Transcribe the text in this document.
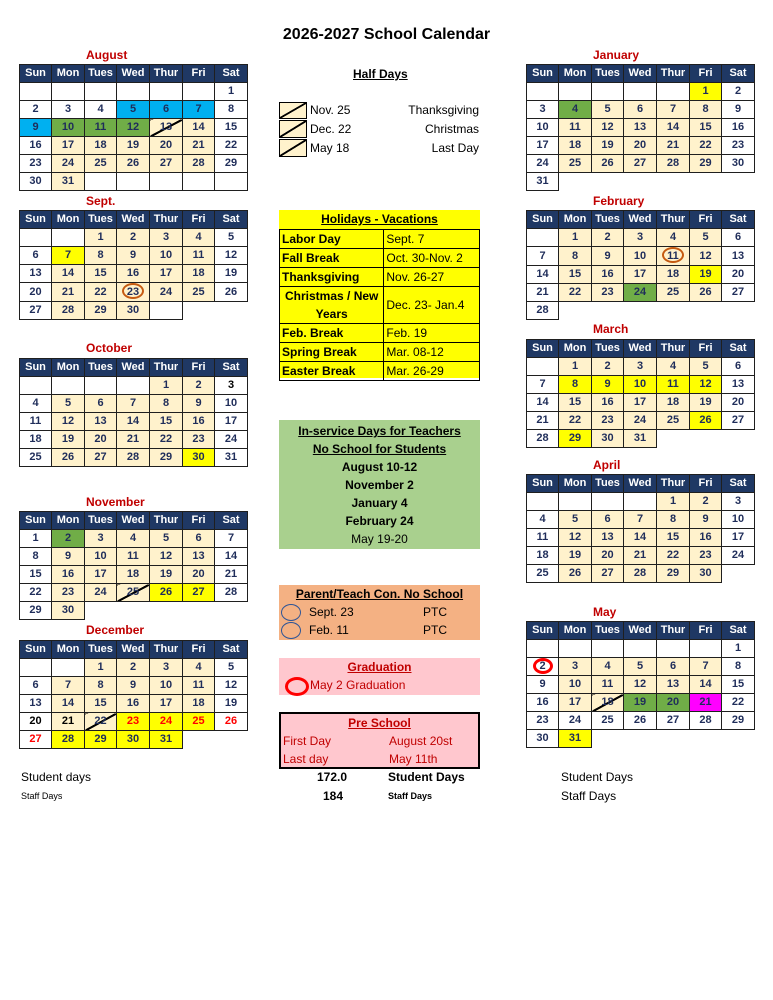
2026-2027 School Calendar
August
Sun	Mon	Tues	Wed	Thur	Fri	Sat
						1
2	3	4	5	6	7	8
9	10	11	12	13	14	15
16	17	18	19	20	21	22
23	24	25	26	27	28	29
30	31					
Sept.
Sun	Mon	Tues	Wed	Thur	Fri	Sat
		1	2	3	4	5
6	7	8	9	10	11	12
13	14	15	16	17	18	19
20	21	22	23	24	25	26
27	28	29	30			
October
Sun	Mon	Tues	Wed	Thur	Fri	Sat
				1	2	3
4	5	6	7	8	9	10
11	12	13	14	15	16	17
18	19	20	21	22	23	24
25	26	27	28	29	30	31
November
Sun	Mon	Tues	Wed	Thur	Fri	Sat
1	2	3	4	5	6	7
8	9	10	11	12	13	14
15	16	17	18	19	20	21
22	23	24	25	26	27	28
29	30					
December
Sun	Mon	Tues	Wed	Thur	Fri	Sat
		1	2	3	4	5
6	7	8	9	10	11	12
13	14	15	16	17	18	19
20	21	22	23	24	25	26
27	28	29	30	31		
Half Days
Nov. 25	Thanksgiving
Dec. 22	Christmas
May 18	Last Day
Holidays - Vacations
Labor Day	Sept. 7
Fall Break	Oct. 30-Nov. 2
Thanksgiving	Nov. 26-27
Christmas / New Years	Dec. 23- Jan.4
Feb. Break	Feb. 19
Spring Break	Mar. 08-12
Easter Break	Mar. 26-29
In-service Days for Teachers
No School for Students
August 10-12
November 2
January 4
February 24
May 19-20
Parent/Teach Con. No School
Sept. 23	PTC
Feb. 11	PTC
Graduation
May 2 Graduation
Pre School
First Day	August 20st
Last day	May 11th
January
Sun	Mon	Tues	Wed	Thur	Fri	Sat
					1	2
3	4	5	6	7	8	9
10	11	12	13	14	15	16
17	18	19	20	21	22	23
24	25	26	27	28	29	30
31						
February
Sun	Mon	Tues	Wed	Thur	Fri	Sat
	1	2	3	4	5	6
7	8	9	10	11	12	13
14	15	16	17	18	19	20
21	22	23	24	25	26	27
28						
March
Sun	Mon	Tues	Wed	Thur	Fri	Sat
	1	2	3	4	5	6
7	8	9	10	11	12	13
14	15	16	17	18	19	20
21	22	23	24	25	26	27
28	29	30	31			
April
Sun	Mon	Tues	Wed	Thur	Fri	Sat
				1	2	3
4	5	6	7	8	9	10
11	12	13	14	15	16	17
18	19	20	21	22	23	24
25	26	27	28	29	30	
May
Sun	Mon	Tues	Wed	Thur	Fri	Sat
						1
2	3	4	5	6	7	8
9	10	11	12	13	14	15
16	17	18	19	20	21	22
23	24	25	26	27	28	29
30	31					
Student days	172.0	Student Days	Student Days
Staff Days	184	Staff Days	Staff Days
